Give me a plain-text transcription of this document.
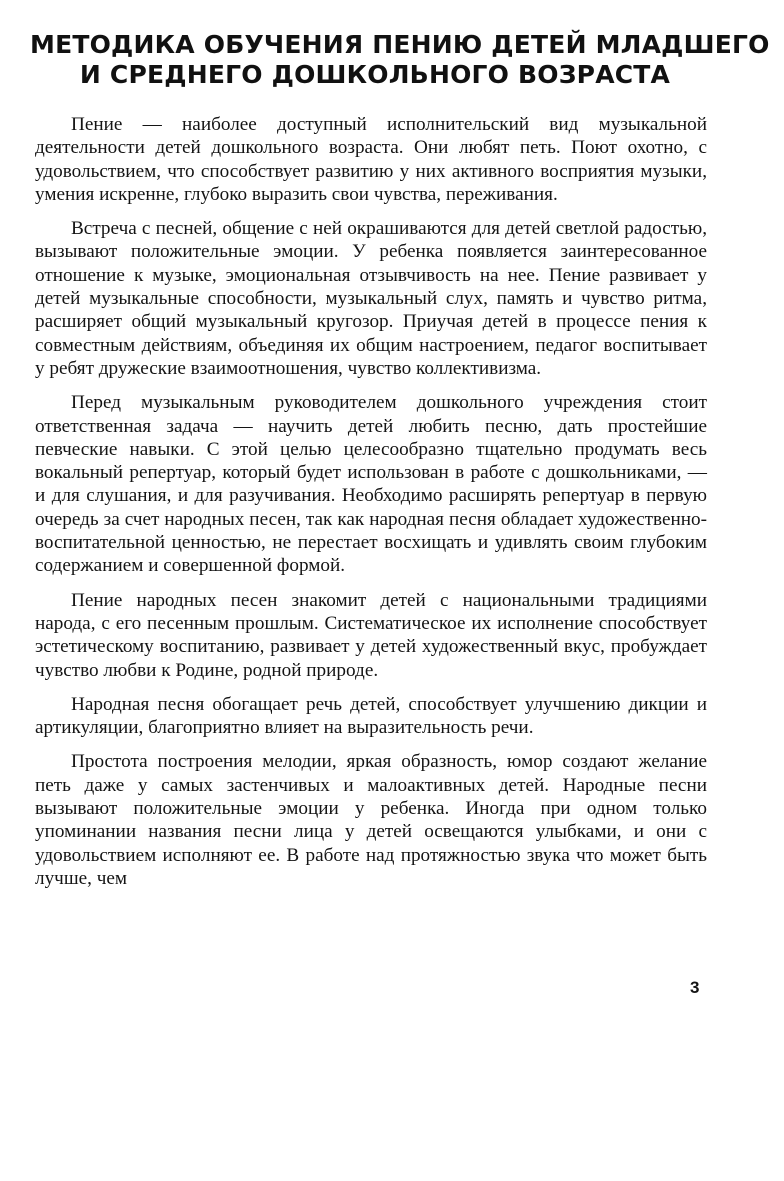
МЕТОДИКА ОБУЧЕНИЯ ПЕНИЮ ДЕТЕЙ МЛАДШЕГО
И СРЕДНЕГО ДОШКОЛЬНОГО ВОЗРАСТА

Пение — наиболее доступный исполнительский вид музыкальной деятельности детей дошкольного возраста. Они любят петь. Поют охотно, с удовольствием, что способствует развитию у них активного восприятия музыки, умения искренне, глубоко выразить свои чувства, переживания.

Встреча с песней, общение с ней окрашиваются для детей светлой радостью, вызывают положительные эмоции. У ребенка появляется заинтересованное отношение к музыке, эмоциональная отзывчивость на нее. Пение развивает у детей музыкальные способности, музыкальный слух, память и чувство ритма, расширяет общий музыкальный кругозор. Приучая детей в процессе пения к совместным действиям, объединяя их общим настроением, педагог воспитывает у ребят дружеские взаимоотношения, чувство коллективизма.

Перед музыкальным руководителем дошкольного учреждения стоит ответственная задача — научить детей любить песню, дать простейшие певческие навыки. С этой целью целесообразно тщательно продумать весь вокальный репертуар, который будет использован в работе с дошкольниками, — и для слушания, и для разучивания. Необходимо расширять репертуар в первую очередь за счет народных песен, так как народная песня обладает художественно-воспитательной ценностью, не перестает восхищать и удивлять своим глубоким содержанием и совершенной формой.

Пение народных песен знакомит детей с национальными традициями народа, с его песенным прошлым. Систематическое их исполнение способствует эстетическому воспитанию, развивает у детей художественный вкус, пробуждает чувство любви к Родине, родной природе.

Народная песня обогащает речь детей, способствует улучшению дикции и артикуляции, благоприятно влияет на выразительность речи.

Простота построения мелодии, яркая образность, юмор создают желание петь даже у самых застенчивых и малоактивных детей. Народные песни вызывают положительные эмоции у ребенка. Иногда при одном только упоминании названия песни лица у детей освещаются улыбками, и они с удовольствием исполняют ее. В работе над протяжностью звука что может быть лучше, чем

3
